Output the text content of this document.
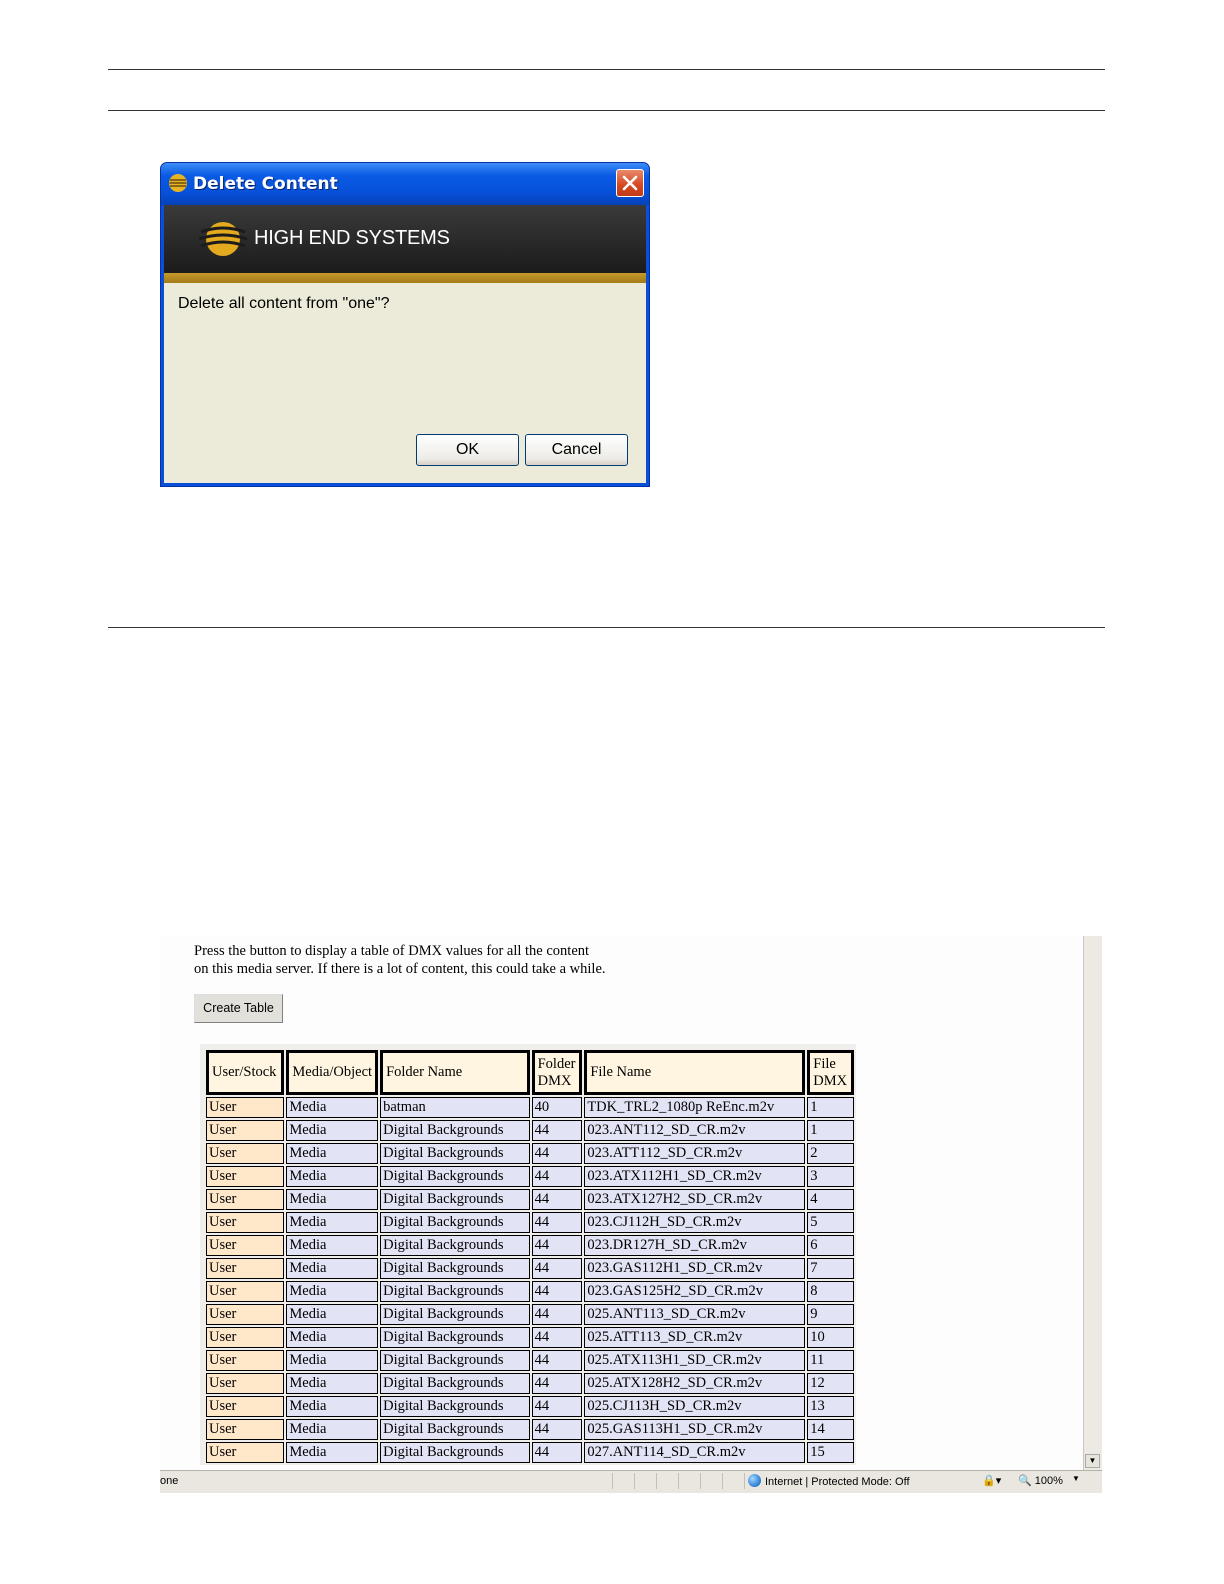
Delete Content
HIGH END SYSTEMS
Delete all content from "one"?
OK	Cancel
Press the button to display a table of DMX values for all the content
on this media server. If there is a lot of content, this could take a while.
Create Table
User/Stock	Media/Object	Folder Name	Folder DMX	File Name	File DMX
User	Media	batman	40	TDK_TRL2_1080p ReEnc.m2v	1
User	Media	Digital Backgrounds	44	023.ANT112_SD_CR.m2v	1
User	Media	Digital Backgrounds	44	023.ATT112_SD_CR.m2v	2
User	Media	Digital Backgrounds	44	023.ATX112H1_SD_CR.m2v	3
User	Media	Digital Backgrounds	44	023.ATX127H2_SD_CR.m2v	4
User	Media	Digital Backgrounds	44	023.CJ112H_SD_CR.m2v	5
User	Media	Digital Backgrounds	44	023.DR127H_SD_CR.m2v	6
User	Media	Digital Backgrounds	44	023.GAS112H1_SD_CR.m2v	7
User	Media	Digital Backgrounds	44	023.GAS125H2_SD_CR.m2v	8
User	Media	Digital Backgrounds	44	025.ANT113_SD_CR.m2v	9
User	Media	Digital Backgrounds	44	025.ATT113_SD_CR.m2v	10
User	Media	Digital Backgrounds	44	025.ATX113H1_SD_CR.m2v	11
User	Media	Digital Backgrounds	44	025.ATX128H2_SD_CR.m2v	12
User	Media	Digital Backgrounds	44	025.CJ113H_SD_CR.m2v	13
User	Media	Digital Backgrounds	44	025.GAS113H1_SD_CR.m2v	14
User	Media	Digital Backgrounds	44	027.ANT114_SD_CR.m2v	15
▼
one	Internet | Protected Mode: Off	🔒▾ 🔍 100% ▼
